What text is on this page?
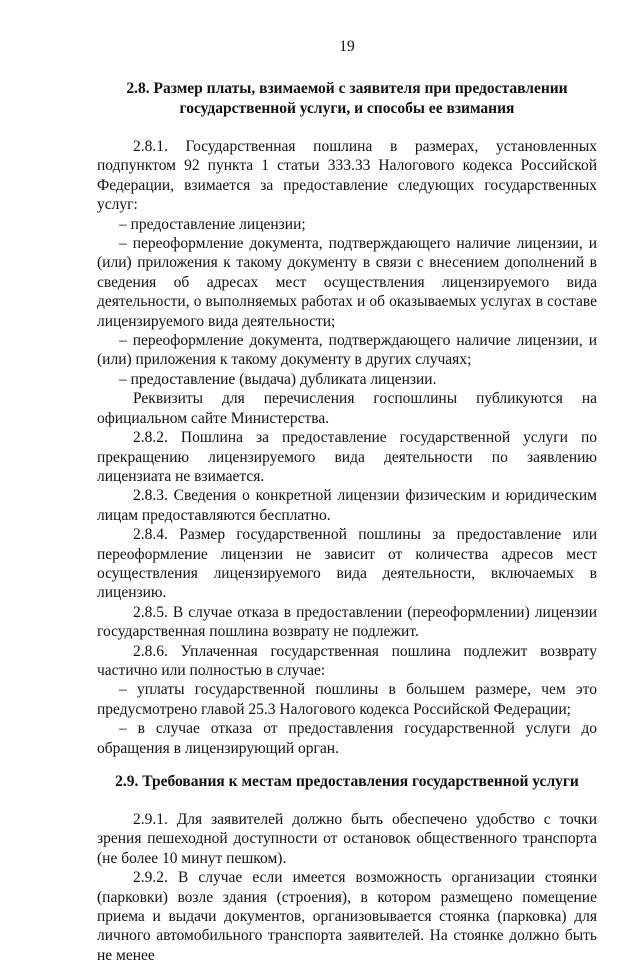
19
2.8. Размер платы, взимаемой с заявителя при предоставлении государственной услуги, и способы ее взимания

2.8.1. Государственная пошлина в размерах, установленных подпунктом 92 пункта 1 статьи 333.33 Налогового кодекса Российской Федерации, взимается за предоставление следующих государственных услуг:

– предоставление лицензии;

– переоформление документа, подтверждающего наличие лицензии, и (или) приложения к такому документу в связи с внесением дополнений в сведения об адресах мест осуществления лицензируемого вида деятельности, о выполняемых работах и об оказываемых услугах в составе лицензируемого вида деятельности;

– переоформление документа, подтверждающего наличие лицензии, и (или) приложения к такому документу в других случаях;

– предоставление (выдача) дубликата лицензии.

Реквизиты для перечисления госпошлины публикуются на официальном сайте Министерства.

2.8.2. Пошлина за предоставление государственной услуги по прекращению лицензируемого вида деятельности по заявлению лицензиата не взимается.

2.8.3. Сведения о конкретной лицензии физическим и юридическим лицам предоставляются бесплатно.

2.8.4. Размер государственной пошлины за предоставление или переоформление лицензии не зависит от количества адресов мест осуществления лицензируемого вида деятельности, включаемых в лицензию.

2.8.5. В случае отказа в предоставлении (переоформлении) лицензии государственная пошлина возврату не подлежит.

2.8.6. Уплаченная государственная пошлина подлежит возврату частично или полностью в случае:

– уплаты государственной пошлины в большем размере, чем это предусмотрено главой 25.3 Налогового кодекса Российской Федерации;

– в случае отказа от предоставления государственной услуги до обращения в лицензирующий орган.

2.9. Требования к местам предоставления государственной услуги

2.9.1. Для заявителей должно быть обеспечено удобство с точки зрения пешеходной доступности от остановок общественного транспорта (не более 10 минут пешком).

2.9.2. В случае если имеется возможность организации стоянки (парковки) возле здания (строения), в котором размещено помещение приема и выдачи документов, организовывается стоянка (парковка) для личного автомобильного транспорта заявителей. На стоянке должно быть не менее
